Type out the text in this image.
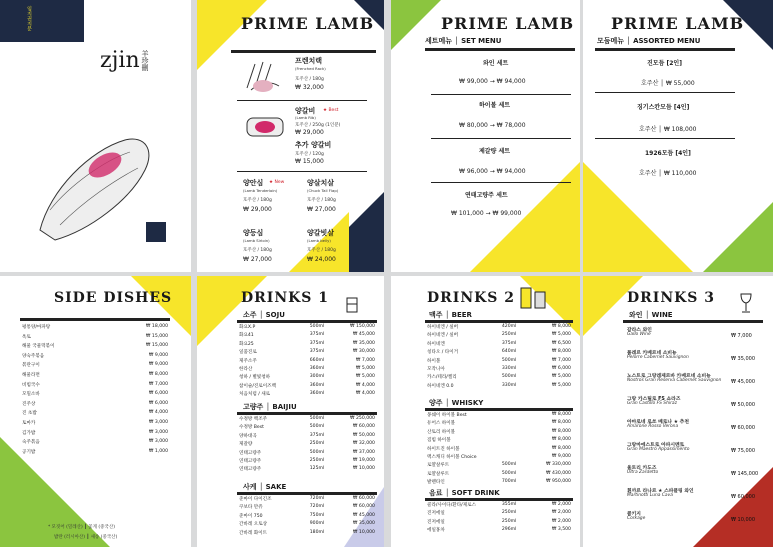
임지권지문
zjin 羊珍刪
PRIME LAMB
프렌치랙
(Frenched Rack)
호주산 / 180g
₩ 32,000
양갈비 ★ Best
(Lamb Rib)
호주산 / 250g (1인분)
₩ 29,000
추가 양갈비
호주산 / 120g
₩ 15,000
양안심 ★ New
(Lamb Tenderloin)
호주산 / 180g
₩ 29,000
양살치살
(Chuck Tail Flap)
호주산 / 180g
₩ 27,000
양등심
(Lamb Sirloin)
호주산 / 180g
₩ 27,000
양갈빗살
(Lamb belly)
호주산 / 180g
₩ 24,000
PRIME LAMB
세트메뉴 │ SET MENU
와인 세트
₩ 99,000 → ₩ 94,000
하이볼 세트
₩ 80,000 → ₩ 78,000
제갈량 세트
₩ 96,000 → ₩ 94,000
연태고량주 세트
₩ 101,000 → ₩ 99,000
PRIME LAMB
모둠메뉴 │ ASSORTED MENU
진모듬 [2인]
호주산 │ ₩ 55,000
징기스칸모듬 [4인]
호주산 │ ₩ 108,000
1926모듬 [4인]
호주산 │ ₩ 110,000
SIDE DISHES
평통양/마파탕	₩ 18,000
옥토	₩ 15,000
해물 국물떡볶이	₩ 15,000
양숙주볶음	₩ 9,000
볶란구이	₩ 9,000
해물라면	₩ 8,000
비빔국수	₩ 7,000
모밀소바	₩ 6,000
진주상	₩ 6,000
진 초밥	₩ 4,000
토마카	₩ 3,000
김가밥	₩ 3,000
숙주볶음	₩ 3,000
공기밥	₩ 1,000
* 모짓어 (밀레산) ┃ 꽃게 (중국산)
밥란 (러시아산) ┃ 새송 (중국산)
DRINKS 1
소주 │ SOJU
화요X.P	500ml	₩ 150,000
화요41	375ml	₩ 45,000
화요25	375ml	₩ 35,000
일품진로	375ml	₩ 30,000
제주소주	660ml	₩ 7,000
한라산	360ml	₩ 5,000
청하 / 별빛청하	300ml	₩ 5,000
참이슬/진로이즈백	360ml	₩ 4,000
처음처럼 / 새로	360ml	₩ 4,000
고량주 │ BAIJIU
수정방 백조주	500ml	₩ 250,000
수정방 Best	500ml	₩ 60,000
양하대곡	375ml	₩ 50,000
제갈량	250ml	₩ 32,000
연태고량주	500ml	₩ 37,000
연태고량주	250ml	₩ 19,000
연태고량주	125ml	₩ 10,000
사케 │ SAKE
준마이 다이긴조	720ml	₩ 60,000
쿠보타 만쥬	720ml	₩ 60,000
준마이 750	750ml	₩ 45,000
간바레 오토상	900ml	₩ 35,000
간바레 화이트	180ml	₩ 10,000
DRINKS 2
맥주 │ BEER
하이네켄 / 실버	420ml	₩ 8,000
하이네켄 / 실버	250ml	₩ 5,000
하이네켄	375ml	₩ 6,500
칭타오 / 타이거	640ml	₩ 8,000
하이볼	500ml	₩ 7,000
모작니아	330ml	₩ 6,000
카스/테라/켈리	500ml	₩ 5,000
하이네켄 0.0	330ml	₩ 5,000
양주 │ WHISKY
몽쉐이 하이볼 Best	₩ 8,000
듀어스 하이볼	₩ 8,000
산토리 하이볼	₩ 8,000
짐빔 하이볼	₩ 8,000
하이트진 하이볼	₩ 8,000
맥스캐디 하이볼 Choice	₩ 9,000
로얄살루트	500ml	₩ 330,000
로얄살루트	500ml	₩ 430,000
발렌타인	700ml	₩ 950,000
음료 │ SOFT DRINK
콜라/사이다/환타/제로스	355ml	₩ 2,000
진저에일	250ml	₩ 2,000
진저에일	250ml	₩ 2,000
에일홍차	296ml	₩ 3,500
DRINKS 3
와인 │ WINE
갈라스 와인
Gallo Wine	₩ 7,000
폴레르 카베르네 소비뇽
Pelorre Cabernet Sauvignon	₩ 35,000
노스트로 그랑레제르바 카베르네 소비뇽
Nostros Gran Reserva Cabernet Sauvignon ₩ 45,000
그랑 카스틸로 FS 쇼라즈
Gran Castillo FS Shiraz	₩ 50,000
아마로네 로쏘 베로나 ★ 추천
Amarone Rosso Verona	₩ 60,000
그랑마에스트로 아파시멘토
Gran Maestro Appassimento	₩ 75,000
울트리 카도즈
Ultra Zardetto	₩ 145,000
흰까르 라나르 ★ 스파클링 와인
Martinotti Luna Cava	₩ 60,000
콜키지
Corkage	₩ 10,000
